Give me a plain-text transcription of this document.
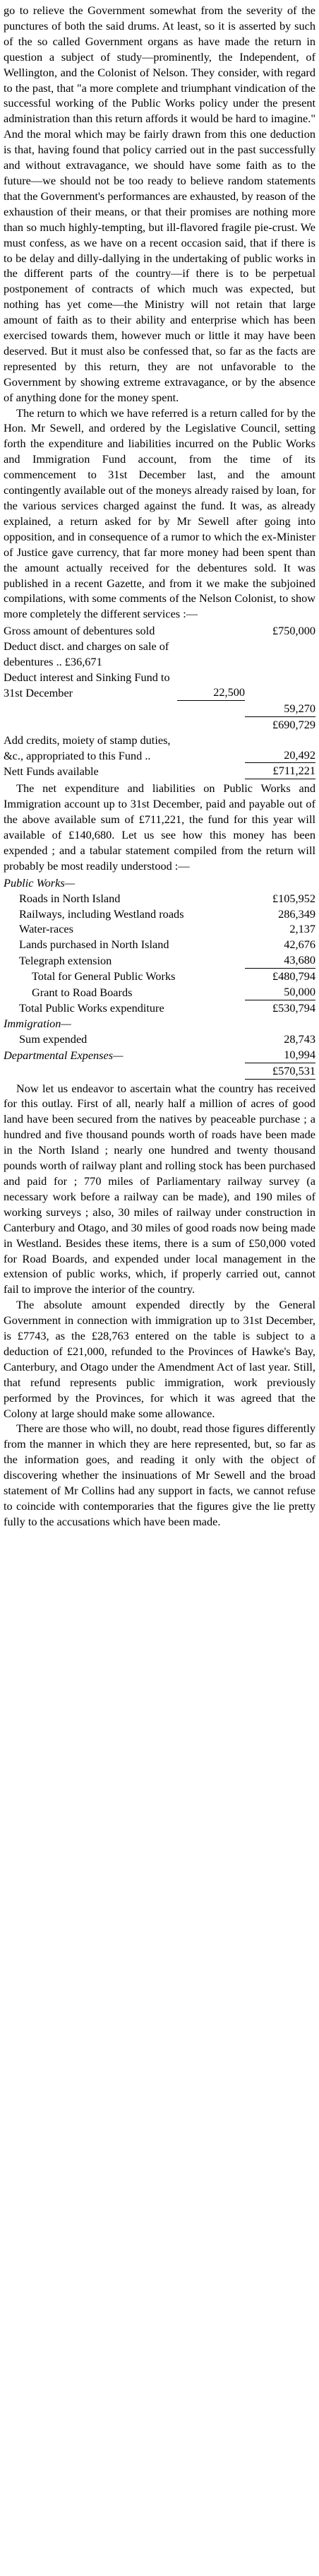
go to relieve the Government somewhat from the severity of the punctures of both the said drums. At least, so it is asserted by such of the so called Government organs as have made the return in question a subject of study—prominently, the Independent, of Wellington, and the Colonist of Nelson. They consider, with regard to the past, that "a more complete and triumphant vindication of the successful working of the Public Works policy under the present administration than this return affords it would be hard to imagine." And the moral which may be fairly drawn from this one deduction is that, having found that policy carried out in the past successfully and without extravagance, we should have some faith as to the future—we should not be too ready to believe random statements that the Government's performances are exhausted, by reason of the exhaustion of their means, or that their promises are nothing more than so much highly-tempting, but ill-flavored fragile pie-crust. We must confess, as we have on a recent occasion said, that if there is to be delay and dilly-dallying in the undertaking of public works in the different parts of the country—if there is to be perpetual postponement of contracts of which much was expected, but nothing has yet come—the Ministry will not retain that large amount of faith as to their ability and enterprise which has been exercised towards them, however much or little it may have been deserved. But it must also be confessed that, so far as the facts are represented by this return, they are not unfavorable to the Government by showing extreme extravagance, or by the absence of anything done for the money spent.

The return to which we have referred is a return called for by the Hon. Mr Sewell, and ordered by the Legislative Council, setting forth the expenditure and liabilities incurred on the Public Works and Immigration Fund account, from the time of its commencement to 31st December last, and the amount contingently available out of the moneys already raised by loan, for the various services charged against the fund. It was, as already explained, a return asked for by Mr Sewell after going into opposition, and in consequence of a rumor to which the ex-Minister of Justice gave currency, that far more money had been spent than the amount actually received for the debentures sold. It was published in a recent Gazette, and from it we make the subjoined compilations, with some comments of the Nelson Colonist, to show more completely the different services :—

Gross amount of debentures sold	£750,000
Deduct disct. and charges on sale of debentures .. £36,671
Deduct interest and Sinking Fund to 31st December	22,500
59,270
£690,729
Add credits, moiety of stamp duties, &c., appropriated to this Fund ..	20,492
Nett Funds available	£711,221

The net expenditure and liabilities on Public Works and Immigration account up to 31st December, paid and payable out of the above available sum of £711,221, the fund for this year will available of £140,680. Let us see how this money has been expended ; and a tabular statement compiled from the return will probably be most readily understood :—

Public Works—
Roads in North Island	£105,952
Railways, including Westland roads	286,349
Water-races	2,137
Lands purchased in North Island	42,676
Telegraph extension	43,680
Total for General Public Works	£480,794
Grant to Road Boards	50,000
Total Public Works expenditure	£530,794
Immigration—
Sum expended	28,743
Departmental Expenses—	10,994
£570,531

Now let us endeavor to ascertain what the country has received for this outlay. First of all, nearly half a million of acres of good land have been secured from the natives by peaceable purchase ; a hundred and five thousand pounds worth of roads have been made in the North Island ; nearly one hundred and twenty thousand pounds worth of railway plant and rolling stock has been purchased and paid for ; 770 miles of Parliamentary railway survey (a necessary work before a railway can be made), and 190 miles of working surveys ; also, 30 miles of railway under construction in Canterbury and Otago, and 30 miles of good roads now being made in Westland. Besides these items, there is a sum of £50,000 voted for Road Boards, and expended under local management in the extension of public works, which, if properly carried out, cannot fail to improve the interior of the country.

The absolute amount expended directly by the General Government in connection with immigration up to 31st December, is £7743, as the £28,763 entered on the table is subject to a deduction of £21,000, refunded to the Provinces of Hawke's Bay, Canterbury, and Otago under the Amendment Act of last year. Still, that refund represents public immigration, work previously performed by the Provinces, for which it was agreed that the Colony at large should make some allowance.

There are those who will, no doubt, read those figures differently from the manner in which they are here represented, but, so far as the information goes, and reading it only with the object of discovering whether the insinuations of Mr Sewell and the broad statement of Mr Collins had any support in facts, we cannot refuse to coincide with contemporaries that the figures give the lie pretty fully to the accusations which have been made.
